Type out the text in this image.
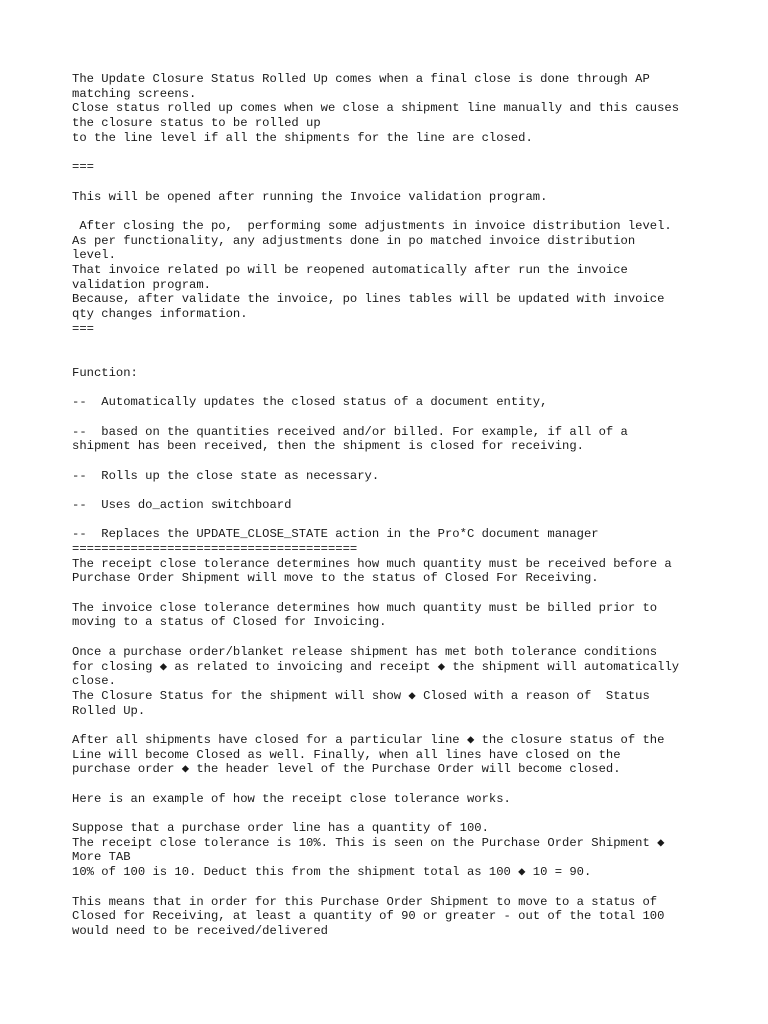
The Update Closure Status Rolled Up comes when a final close is done through AP
matching screens.
Close status rolled up comes when we close a shipment line manually and this causes
the closure status to be rolled up
to the line level if all the shipments for the line are closed.
===
This will be opened after running the Invoice validation program.
After closing the po,  performing some adjustments in invoice distribution level.
As per functionality, any adjustments done in po matched invoice distribution
level.
That invoice related po will be reopened automatically after run the invoice
validation program.
Because, after validate the invoice, po lines tables will be updated with invoice
qty changes information.
===
Function:
--  Automatically updates the closed status of a document entity,
--  based on the quantities received and/or billed. For example, if all of a
shipment has been received, then the shipment is closed for receiving.
--  Rolls up the close state as necessary.
--  Uses do_action switchboard
--  Replaces the UPDATE_CLOSE_STATE action in the Pro*C document manager
=======================================
The receipt close tolerance determines how much quantity must be received before a
Purchase Order Shipment will move to the status of Closed For Receiving.
The invoice close tolerance determines how much quantity must be billed prior to
moving to a status of Closed for Invoicing.
Once a purchase order/blanket release shipment has met both tolerance conditions
for closing ◆ as related to invoicing and receipt ◆ the shipment will automatically
close.
The Closure Status for the shipment will show ◆ Closed with a reason of  Status
Rolled Up.
After all shipments have closed for a particular line ◆ the closure status of the
Line will become Closed as well. Finally, when all lines have closed on the
purchase order ◆ the header level of the Purchase Order will become closed.
Here is an example of how the receipt close tolerance works.
Suppose that a purchase order line has a quantity of 100.
The receipt close tolerance is 10%. This is seen on the Purchase Order Shipment ◆
More TAB
10% of 100 is 10. Deduct this from the shipment total as 100 ◆ 10 = 90.
This means that in order for this Purchase Order Shipment to move to a status of
Closed for Receiving, at least a quantity of 90 or greater - out of the total 100
would need to be received/delivered
